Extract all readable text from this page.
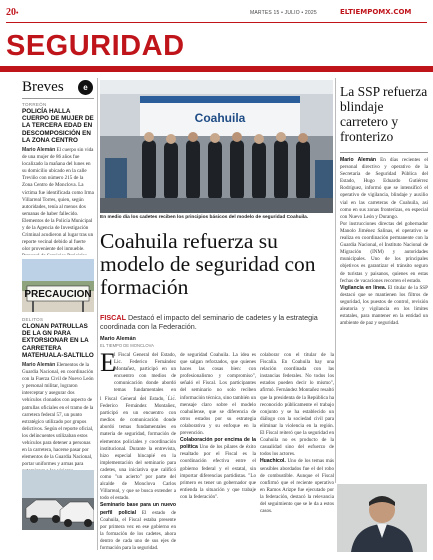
20•	MARTES 15 • JULIO • 2025	ELTIEMPOMX.COM
SEGURIDAD
Breves	e
TORREÓN
POLICÍA HALLA CUERPO DE MUJER DE LA TERCERA EDAD EN DESCOMPOSICIÓN EN LA ZONA CENTRO
Mario Alemán El cuerpo sin vida de una mujer de 86 años fue localizado la mañana del lunes en su domicilio ubicado en la calle Treviño con número 215 de la Zona Centro de Monclova. La víctima fue identificada como Irma Villarreal Torres, quien, según autoridades, tenía al menos dos semanas de haber fallecido. Elementos de la Policía Municipal y de la Agencia de Investigación Criminal acudieron al lugar tras un reporte vecinal debido al fuerte olor proveniente del inmueble.
PRECAUCION
DELITOS
CLONAN PATRULLAS DE LA GN PARA EXTORSIONAR EN LA CARRETERA MATEHUALA-SALTILLO
Mario Alemán Elementos de la Guardia Nacional, en coordinación con la Fuerza Civil de Nuevo León y personal militar, lograron interceptar y asegurar dos vehículos clonados con aspecto de patrullas oficiales en el tramo de la carretera federal 57, un punto estratégico utilizado por grupos delictivos. Según el reporte oficial, los delincuentes utilizaban estos vehículos para detener a personas en la carretera, hacerse pasar por elementos de la Guardia Nacional, portar uniformes y armas para
Coahuila
En medio día los cadetes reciben los principios básicos del modelo de seguridad Coahuila.
Coahuila refuerza su modelo de seguridad con formación
FISCAL Destacó el impacto del seminario de cadetes y la estrategia coordinada con la Federación.
Mario Alemán
EL TIEMPO DE MONCLOVA
E
l Fiscal General del Estado, Lic. Federico Fernández Montañez, participó en un encuentro con medios de comunicación donde abordó temas fundamentales en
l Fiscal General del Estado, Lic. Federico Fernández Montañez, participó en un encuentro con medios de comunicación donde abordó temas fundamentales en materia de seguridad, formación de elementos policiales y coordinación institucional. Durante la entrevista, hizo especial hincapié en la implementación del seminario para cadetes, una iniciativa que calificó como "un acierto" por parte del alcalde de Monclova Carlos Villarreal, y que se busca extender a todo el estado.
Seminario base para un nuevo perfil policial El estado de Coahuila, el Fiscal estaba presente por primera vez en ese gobierno en la formación de los cadetes, ahora dentro de cada uno de sus ejes de formación para la seguridad.
de seguridad Coahuila. La idea es que salgan reforzados, que quienes haces las cosas bien: con profesionalismo y compromiso", señaló el Fiscal. Los participantes del seminario no solo reciben información técnica, sino también un mensaje claro sobre el modelo coahuilense, que se diferencia de otros estados por su estrategia colaborativa y su enfoque en la prevención.
Colaboración por encima de la política Uno de los pilares de éxito resaltado por el Fiscal es la coordinación efectiva entre el gobierno federal y el estatal, sin importar diferencias partidistas. "Lo primero es tener un gobernador que entienda la situación y que trabaje con la federación".
colaborar con el titular de la Fiscalía. En Coahuila hay una relación coordinada con las instancias federales. No todos los estados pueden decir lo mismo", afirmó. Fernández Montañez resaltó que la presidenta de la República ha reconocido públicamente el trabajo conjunto y se ha establecido un diálogo con la sociedad civil para eliminar la violencia en la región. El Fiscal reiteró que la seguridad en Coahuila no es producto de la casualidad sino del esfuerzo de todos los actores.
Huachicol. Uno de los temas más sensibles abordados fue el del robo de combustible. Aunque el Fiscal confirmó que el reciente operativo en Ramos Arizpe fue ejecutado por la federación, destacó la relevancia del seguimiento que se le da a estos casos.
La SSP refuerza blindaje carretero y fronterizo
Mario Alemán En días recientes el personal directivo y operativo de la Secretaría de Seguridad Pública del Estado, Hugo Eduardo Gutiérrez Rodríguez, informó que se intensificó el operativo de vigilancia, blindaje y auxilio vial en las carreteras de Coahuila, así como en sus zonas fronterizas, en especial con Nuevo León y Durango.
Por instrucciones directas del gobernador Manolo Jiménez Salinas, el operativo se realiza en coordinación permanente con la Guardia Nacional, el Instituto Nacional de Migración (INM) y autoridades municipales. Uno de los principales objetivos es garantizar el tránsito seguro de turistas y paisanos, quienes en estas fechas de vacaciones recorren el estado.
Vigilancia en línea. El titular de la SSP destacó que se mantienen los filtros de seguridad, los puestos de control, revisión aleatoria y vigilancia en los límites estatales, para mantener en la entidad un ambiente de paz y seguridad.
